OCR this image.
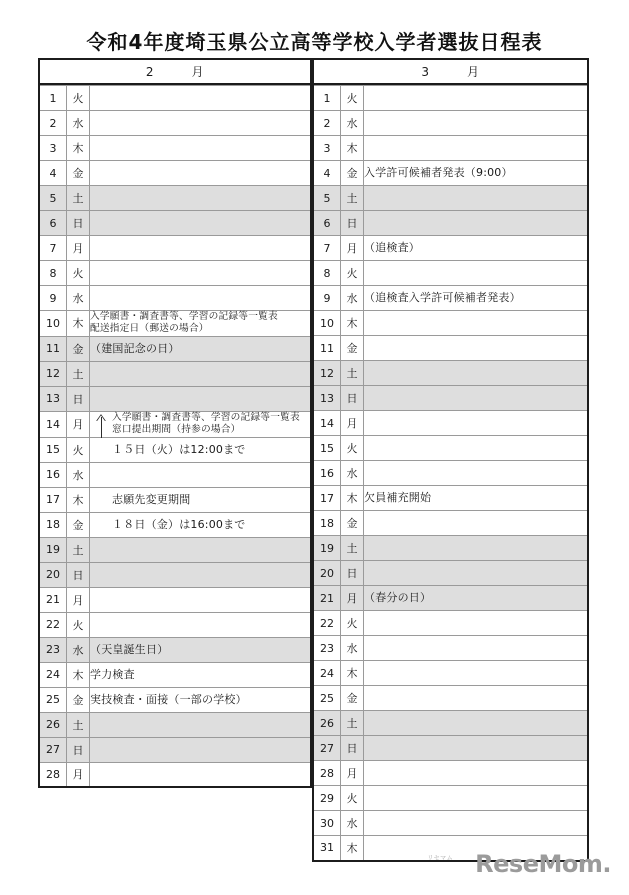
令和4年度埼玉県公立高等学校入学者選抜日程表
2　　　月
1	火	
2	水	
3	木	
4	金	
5	土	
6	日	
7	月	
8	火	
9	水	
10	木	入学願書・調査書等、学習の記録等一覧表
配送指定日（郵送の場合）

11	金	（建国記念の日）
12	土	
13	日	
14	月	入学願書・調査書等、学習の記録等一覧表
窓口提出期間（持参の場合）

15	火	１５日（火）は12:00まで
16	水	
17	木	志願先変更期間
18	金	１８日（金）は16:00まで
19	土	
20	日	
21	月	
22	火	
23	水	（天皇誕生日）
24	木	学力検査
25	金	実技検査・面接（一部の学校）
26	土	
27	日	
28	月	
3　　　月
1	火	
2	水	
3	木	
4	金	入学許可候補者発表（9:00）
5	土	
6	日	
7	月	（追検査）
8	火	
9	水	（追検査入学許可候補者発表）
10	木	
11	金	
12	土	
13	日	
14	月	
15	火	
16	水	
17	木	欠員補充開始
18	金	
19	土	
20	日	
21	月	（春分の日）
22	火	
23	水	
24	木	
25	金	
26	土	
27	日	
28	月	
29	火	
30	水	
31	木	
$^{リセマム}$ ReseMom.
